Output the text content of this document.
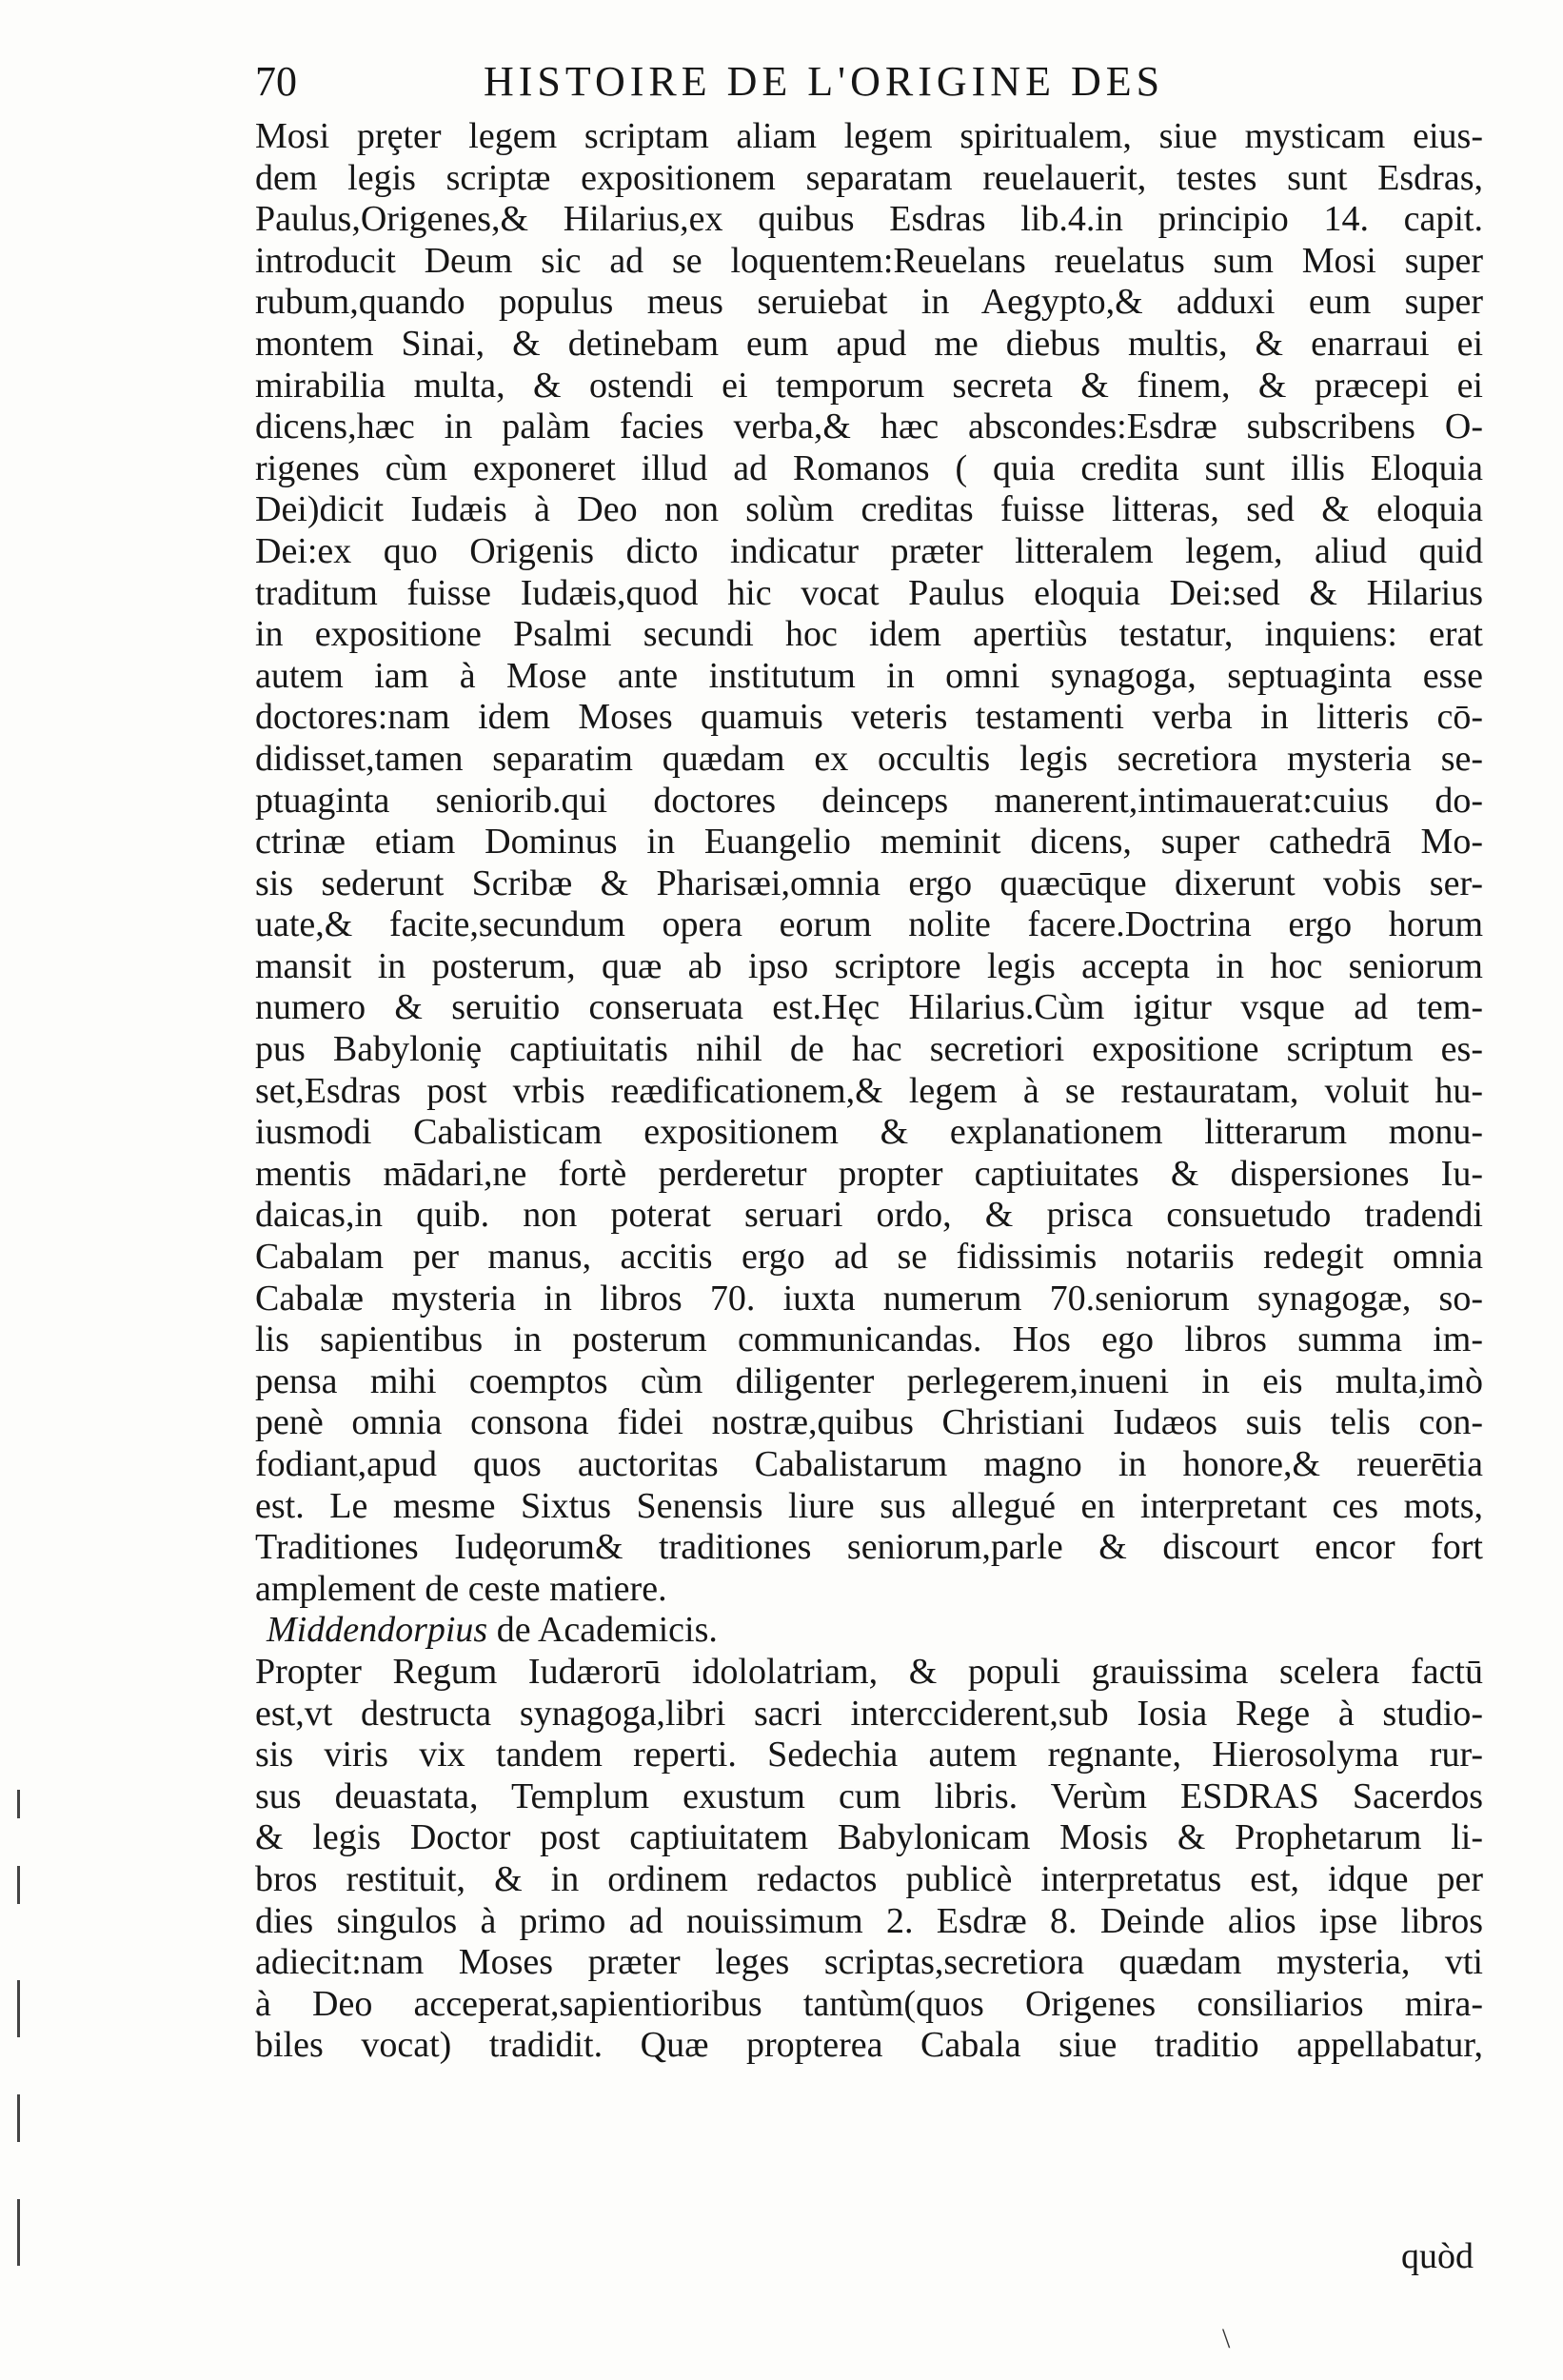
70	HISTOIRE DE L'ORIGINE DES
Mosi prȩter legem scriptam aliam legem spiritualem, siue mysticam eius-
dem legis scriptæ expositionem separatam reuelauerit, testes sunt Esdras,
Paulus,Origenes,& Hilarius,ex quibus Esdras lib.4.in principio 14. capit.
introducit Deum sic ad se loquentem:Reuelans reuelatus sum Mosi super
rubum,quando populus meus seruiebat in Aegypto,& adduxi eum super
montem Sinai, & detinebam eum apud me diebus multis, & enarraui ei
mirabilia multa, & ostendi ei temporum secreta & finem, & præcepi ei
dicens,hæc in palàm facies verba,& hæc abscondes:Esdræ subscribens O-
rigenes cùm exponeret illud ad Romanos ( quia credita sunt illis Eloquia
Dei)dicit Iudæis à Deo non solùm creditas fuisse litteras, sed & eloquia
Dei:ex quo Origenis dicto indicatur præter litteralem legem, aliud quid
traditum fuisse Iudæis,quod hic vocat Paulus eloquia Dei:sed & Hilarius
in expositione Psalmi secundi hoc idem apertiùs testatur, inquiens: erat
autem iam à Mose ante institutum in omni synagoga, septuaginta esse
doctores:nam idem Moses quamuis veteris testamenti verba in litteris cō-
didisset,tamen separatim quædam ex occultis legis secretiora mysteria se-
ptuaginta seniorib.qui doctores deinceps manerent,intimauerat:cuius do-
ctrinæ etiam Dominus in Euangelio meminit dicens, super cathedrā Mo-
sis sederunt Scribæ & Pharisæi,omnia ergo quæcūque dixerunt vobis ser-
uate,& facite,secundum opera eorum nolite facere.Doctrina ergo horum
mansit in posterum, quæ ab ipso scriptore legis accepta in hoc seniorum
numero & seruitio conseruata est.Hęc Hilarius.Cùm igitur vsque ad tem-
pus Babyloniȩ captiuitatis nihil de hac secretiori expositione scriptum es-
set,Esdras post vrbis reædificationem,& legem à se restauratam, voluit hu-
iusmodi Cabalisticam expositionem & explanationem litterarum monu-
mentis mādari,ne fortè perderetur propter captiuitates & dispersiones Iu-
daicas,in quib. non poterat seruari ordo, & prisca consuetudo tradendi
Cabalam per manus, accitis ergo ad se fidissimis notariis redegit omnia
Cabalæ mysteria in libros 70. iuxta numerum 70.seniorum synagogæ, so-
lis sapientibus in posterum communicandas. Hos ego libros summa im-
pensa mihi coemptos cùm diligenter perlegerem,inueni in eis multa,imò
penè omnia consona fidei nostræ,quibus Christiani Iudæos suis telis con-
fodiant,apud quos auctoritas Cabalistarum magno in honore,& reuerētia
est. Le mesme Sixtus Senensis liure sus allegué en interpretant ces mots,
Traditiones Iudęorum& traditiones seniorum,parle & discourt encor fort
amplement de ceste matiere.
Middendorpius de Academicis.
Propter Regum Iudærorū idololatriam, & populi grauissima scelera factū
est,vt destructa synagoga,libri sacri intercciderent,sub Iosia Rege à studio-
sis viris vix tandem reperti. Sedechia autem regnante, Hierosolyma rur-
sus deuastata, Templum exustum cum libris. Verùm ESDRAS Sacerdos
& legis Doctor post captiuitatem Babylonicam Mosis & Prophetarum li-
bros restituit, & in ordinem redactos publicè interpretatus est, idque per
dies singulos à primo ad nouissimum 2. Esdræ 8. Deinde alios ipse libros
adiecit:nam Moses præter leges scriptas,secretiora quædam mysteria, vti
à Deo acceperat,sapientioribus tantùm(quos Origenes consiliarios mira-
biles vocat) tradidit. Quæ propterea Cabala siue traditio appellabatur,
quòd
\
